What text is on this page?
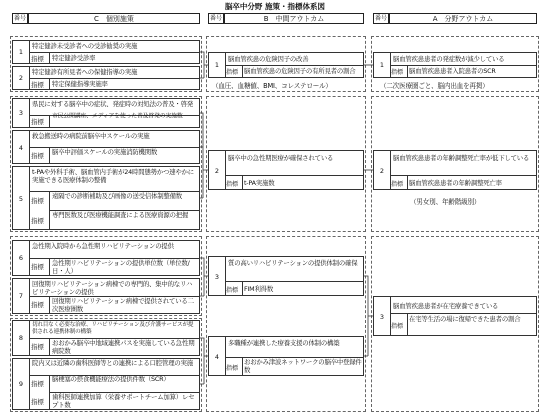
脳卒中分野 施策・指標体系図
番号	C　個別施策	番号	B　中間アウトカム	番号	A　分野アウトカム
1
特定健診未受診者への受診勧奨の実施
指標 特定健診受診率
2
特定健診有所見者への保健指導の実施
指標 特定保健指導実施率
3
県民に対する脳卒中の症状、発症時の対処法の普及・啓発
指標
市民公開講座、メディアを使った普及啓発の実施数
4
救急搬送時の病院前脳卒中スケールの実施
指標 脳卒中評価スケールの実施消防機関数
5
t-PAや外科手術、脳血管内手術が24時間態勢かつ速やかに実施できる医療体制の整備
指標
遠隔での診断補助及び画像の送受信体制整備数
指標
専門医数及び医療機能調査による医療資源の把握
6
急性期入院時から急性期リハビリテーションの提供
指標 急性期リハビリテーションの提供単位数（単位数/日・人）
7
回復期リハビリテーション病棟での専門的、集中的なリハビリテーションの提供
指標 回復期リハビリテーション病棟で提供されている二次医療圏数
8
切れ目なく必要な治療、リハビリテーション及び介護サービスが提供される連携体制の構築
指標 おおかみ脳卒中地域連携パスを実施している急性期病院数
9
院内又は近隣の歯科医師等との連携による口腔管理の実施
指標
脳梗塞の摂食機能療法の提供件数（SCR）
指標
歯科医師連携加算（栄養サポートチーム加算）レセプト数
1
脳血管疾患の危険因子の改善
指標 脳血管疾患の危険因子の有所見者の割合
（血圧、血糖値、BMI、コレステロール）
2
脳卒中の急性期医療が確保されている
指標 t-PA実施数
3
質の高いリハビリテーションの提供体制の確保
指標 FIM利得数
4
多職種が連携した療養支援の体制の構築
指標
おおかみ津波ネットワークの脳卒中登録件数
1
脳血管疾患患者の発症数が減少している
指標 脳血管疾患患者入院患者のSCR
（二次医療圏ごと、脳内出血を再掲）
2
脳血管疾患患者の年齢調整死亡率が低下している
指標 脳血管疾患患者の年齢調整死亡率
（男女別、年齢階級別）
3
脳血管疾患患者が在宅療養できている
指標
在宅等生活の場に復帰できた患者の割合
